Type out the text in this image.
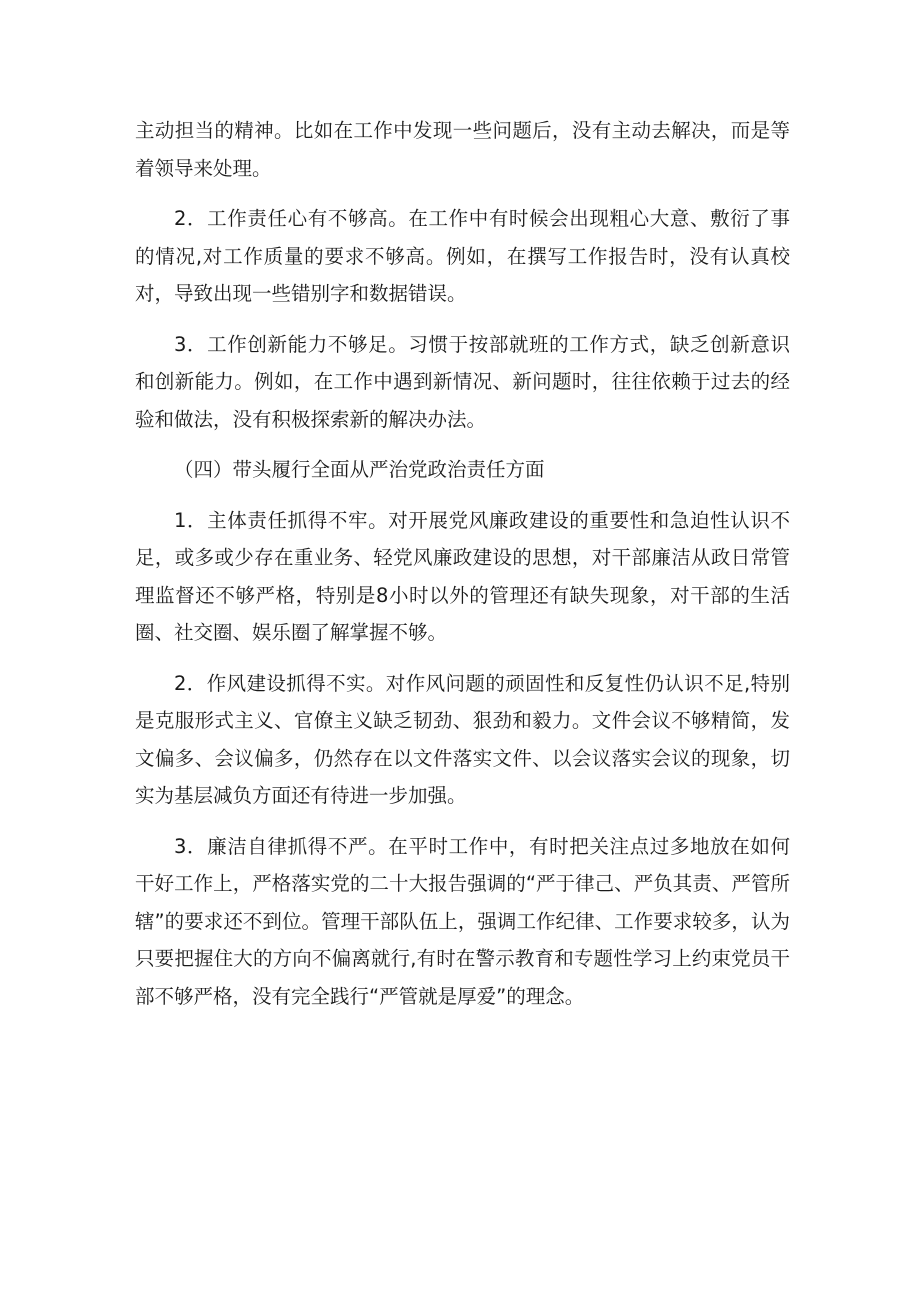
主动担当的精神。比如在工作中发现一些问题后，没有主动去解决，而是等着领导来处理。

2．工作责任心有不够高。在工作中有时候会出现粗心大意、敷衍了事的情况,对工作质量的要求不够高。例如，在撰写工作报告时，没有认真校对，导致出现一些错别字和数据错误。

3．工作创新能力不够足。习惯于按部就班的工作方式，缺乏创新意识和创新能力。例如，在工作中遇到新情况、新问题时，往往依赖于过去的经验和做法，没有积极探索新的解决办法。

（四）带头履行全面从严治党政治责任方面

1．主体责任抓得不牢。对开展党风廉政建设的重要性和急迫性认识不足，或多或少存在重业务、轻党风廉政建设的思想，对干部廉洁从政日常管理监督还不够严格，特别是8小时以外的管理还有缺失现象，对干部的生活圈、社交圈、娱乐圈了解掌握不够。

2．作风建设抓得不实。对作风问题的顽固性和反复性仍认识不足,特别是克服形式主义、官僚主义缺乏韧劲、狠劲和毅力。文件会议不够精简，发文偏多、会议偏多，仍然存在以文件落实文件、以会议落实会议的现象，切实为基层减负方面还有待进一步加强。

3．廉洁自律抓得不严。在平时工作中，有时把关注点过多地放在如何干好工作上，严格落实党的二十大报告强调的“严于律己、严负其责、严管所辖”的要求还不到位。管理干部队伍上，强调工作纪律、工作要求较多，认为只要把握住大的方向不偏离就行,有时在警示教育和专题性学习上约束党员干部不够严格，没有完全践行“严管就是厚爱”的理念。
